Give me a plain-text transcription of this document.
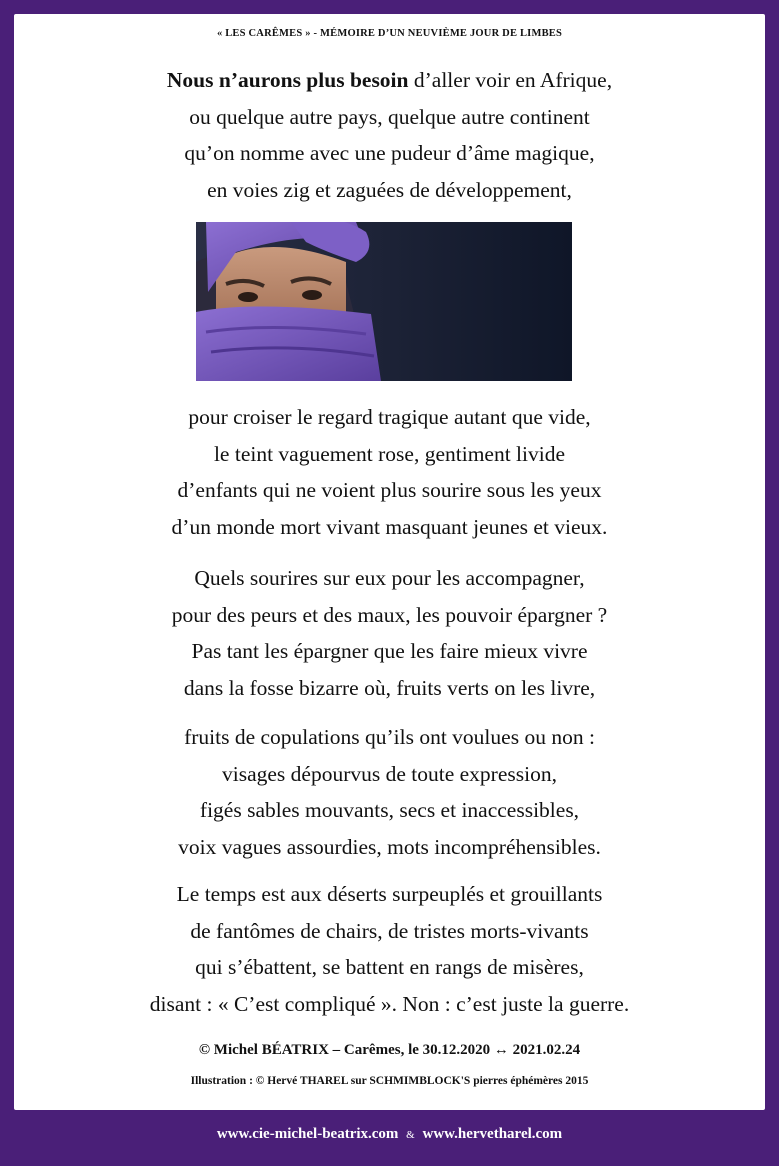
« LES CARÊMES » - MÉMOIRE D’UN NEUVIÈME JOUR DE LIMBES
Nous n’aurons plus besoin d’aller voir en Afrique,
ou quelque autre pays, quelque autre continent
qu’on nomme avec une pudeur d’âme magique,
en voies zig et zaguées de développement,
pour croiser le regard tragique autant que vide,
le teint vaguement rose, gentiment livide
d’enfants qui ne voient plus sourire sous les yeux
d’un monde mort vivant masquant jeunes et vieux.
Quels sourires sur eux pour les accompagner,
pour des peurs et des maux, les pouvoir épargner ?
Pas tant les épargner que les faire mieux vivre
dans la fosse bizarre où, fruits verts on les livre,
fruits de copulations qu’ils ont voulues ou non :
visages dépourvus de toute expression,
figés sables mouvants, secs et inaccessibles,
voix vagues assourdies, mots incompréhensibles.
Le temps est aux déserts surpeuplés et grouillants
de fantômes de chairs, de tristes morts-vivants
qui s’ébattent, se battent en rangs de misères,
disant : « C’est compliqué ». Non : c’est juste la guerre.
© Michel BÉATRIX – Carêmes, le 30.12.2020 ↔ 2021.02.24
Illustration : © Hervé THAREL sur SCHMIMBLOCK'S pierres éphémères 2015
www.cie-michel-beatrix.com & www.hervetharel.com
